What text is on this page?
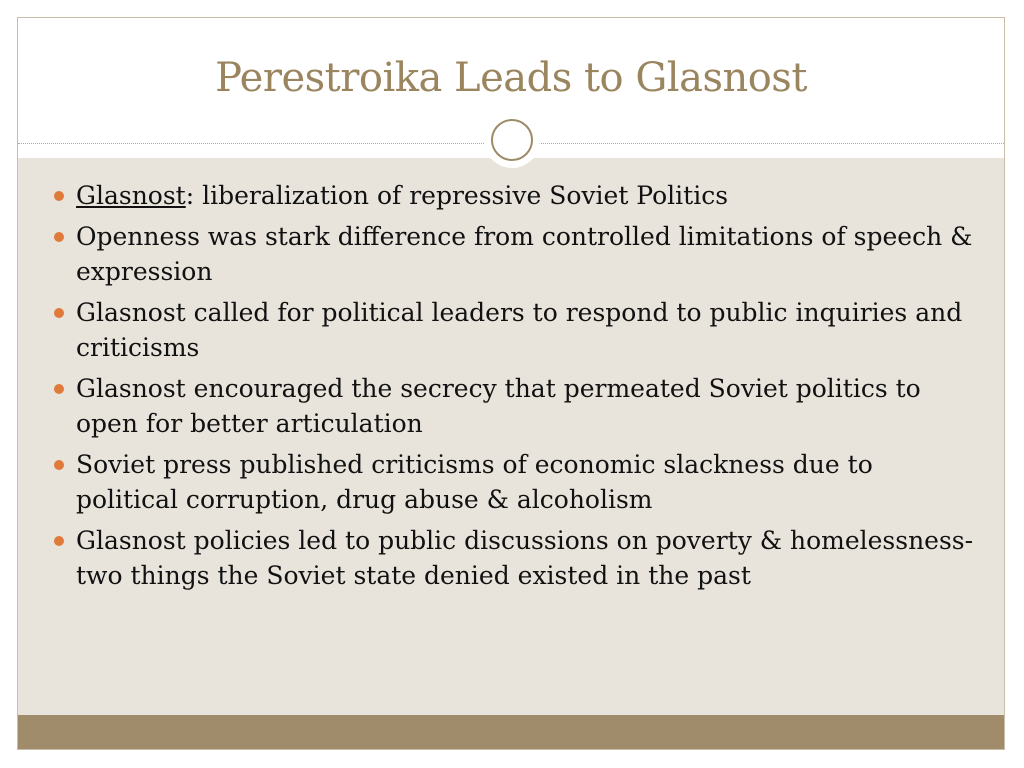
Perestroika Leads to Glasnost
Glasnost: liberalization of repressive Soviet Politics
Openness was stark difference from controlled limitations of speech & expression
Glasnost called for political leaders to respond to public inquiries and criticisms
Glasnost encouraged the secrecy that permeated Soviet politics to open for better articulation
Soviet press published criticisms of economic slackness due to political corruption, drug abuse & alcoholism
Glasnost policies led to public discussions on poverty & homelessness- two things the Soviet state denied existed in the past
